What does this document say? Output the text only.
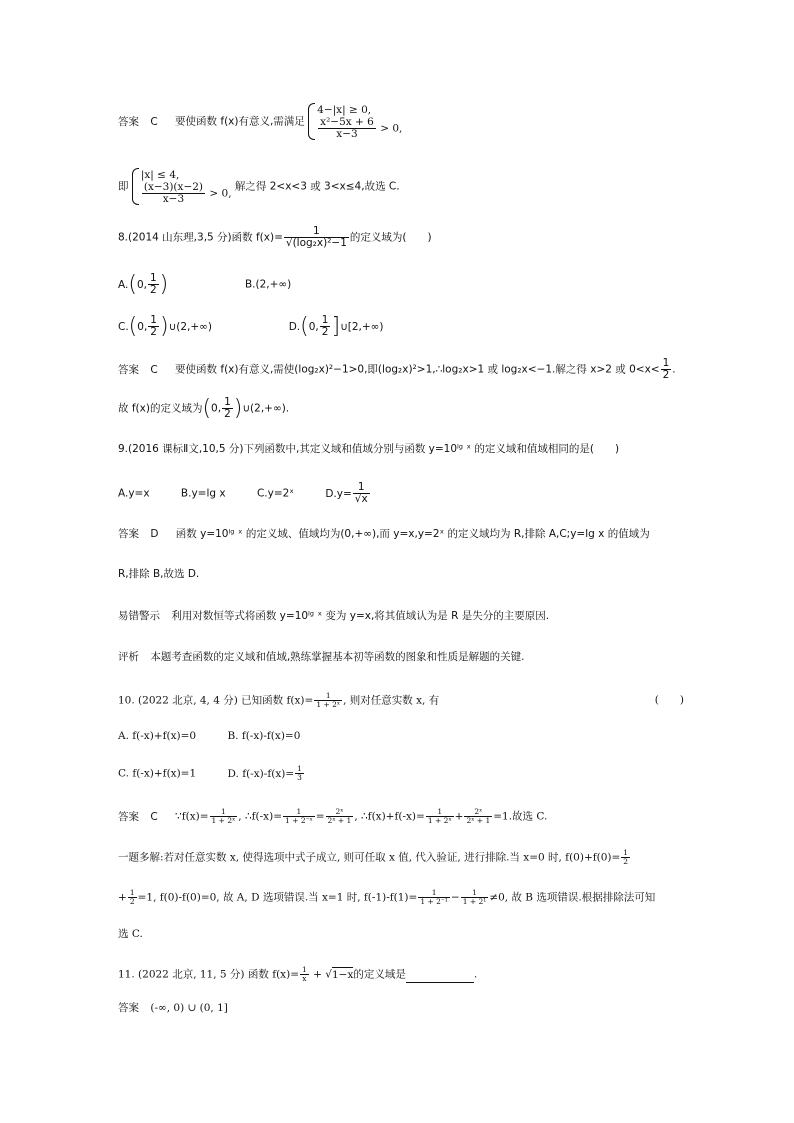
答案 C 要使函数 f(x)有意义,需满足
4−|x| ≥ 0,
$\frac{\text{x²−5x + 6}}{x-3} > 0$,
即
|x| ≤ 4,
$\frac{(x-3)(x-2)}{x-3} > 0$,
解之得 2<x<3 或 3<x≤4,故选 C.
8.(2014 山东理,3,5 分)函数 $f(x)= \frac{1}{\text{√(log₂x)²−1}}$ 的定义域为(　　)
A.(0, $\frac{1}{2}$ )	B.(2,+∞)
C.(0, $\frac{1}{2}$ )∪(2,+∞)	D.(0, $\frac{1}{2}$ ]∪[2,+∞)
答案 C 要使函数 f(x)有意义,需使(log₂x)²−1>0,即(log₂x)²>1,∴log₂x>1 或 log₂x<−1.解之得 x>2 或 $0<x< \frac{1}{2}$ .
故 f(x)的定义域为(0, $\frac{1}{2}$ )∪(2,+∞).
9.(2016 课标Ⅱ文,10,5 分)下列函数中,其定义域和值域分别与函数 y=10ˡᵍ ˣ 的定义域和值域相同的是(　　)
A.y=x	B.y=lg x	C.y=2ˣ	$D.y= \frac{1}{√x}$
答案 D 函数 y=10ˡᵍ ˣ 的定义域、值域均为(0,+∞),而 y=x,y=2ˣ 的定义域均为 R,排除 A,C;y=lg x 的值域为
R,排除 B,故选 D.
易错警示 利用对数恒等式将函数 y=10ˡᵍ ˣ 变为 y=x,将其值域认为是 R 是失分的主要原因.
评析 本题考查函数的定义域和值域,熟练掌握基本初等函数的图象和性质是解题的关键.
10. (2022 北京, 4, 4 分) 已知函数 $f(x)= \frac{1}{\text{1 + 2ˣ}}$ , 则对任意实数 x, 有	(　　)
A. f(-x)+f(x)=0	B. f(-x)-f(x)=0
C. f(-x)+f(x)=1	D. $f(-x)-f(x)= \frac{1}{3}$
答案 C ∵f(x)= $\frac{1}{\text{1 + 2ˣ}}$ , ∴f(-x)= $\frac{1}{\text{1 + 2⁻ˣ}} = \frac{\text{2ˣ}}{\text{2ˣ + 1}}$ , ∴f(x)+f(-x)= $\frac{1}{\text{1 + 2ˣ}} + \frac{\text{2ˣ}}{\text{2ˣ + 1}} =1$.故选 C.
一题多解:若对任意实数 x, 使得选项中式子成立, 则可任取 x 值, 代入验证, 进行排除.当 x=0 时, $f(0)+f(0)= \frac{1}{2}$
+ $\frac{1}{2} =1$, f(0)-f(0)=0, 故 A, D 选项错误.当 x=1 时, $f(-1)-f(1)= \frac{1}{\text{1 + 2⁻¹}} - \frac{1}{\text{1 + 2¹}} \ne 0$, 故 B 选项错误.根据排除法可知
选 C.
11. (2022 北京, 11, 5 分) 函数 $f(x)= \frac{1}{x} + √1-x$的定义域是	.
答案 (-∞, 0) ∪ (0, 1]
